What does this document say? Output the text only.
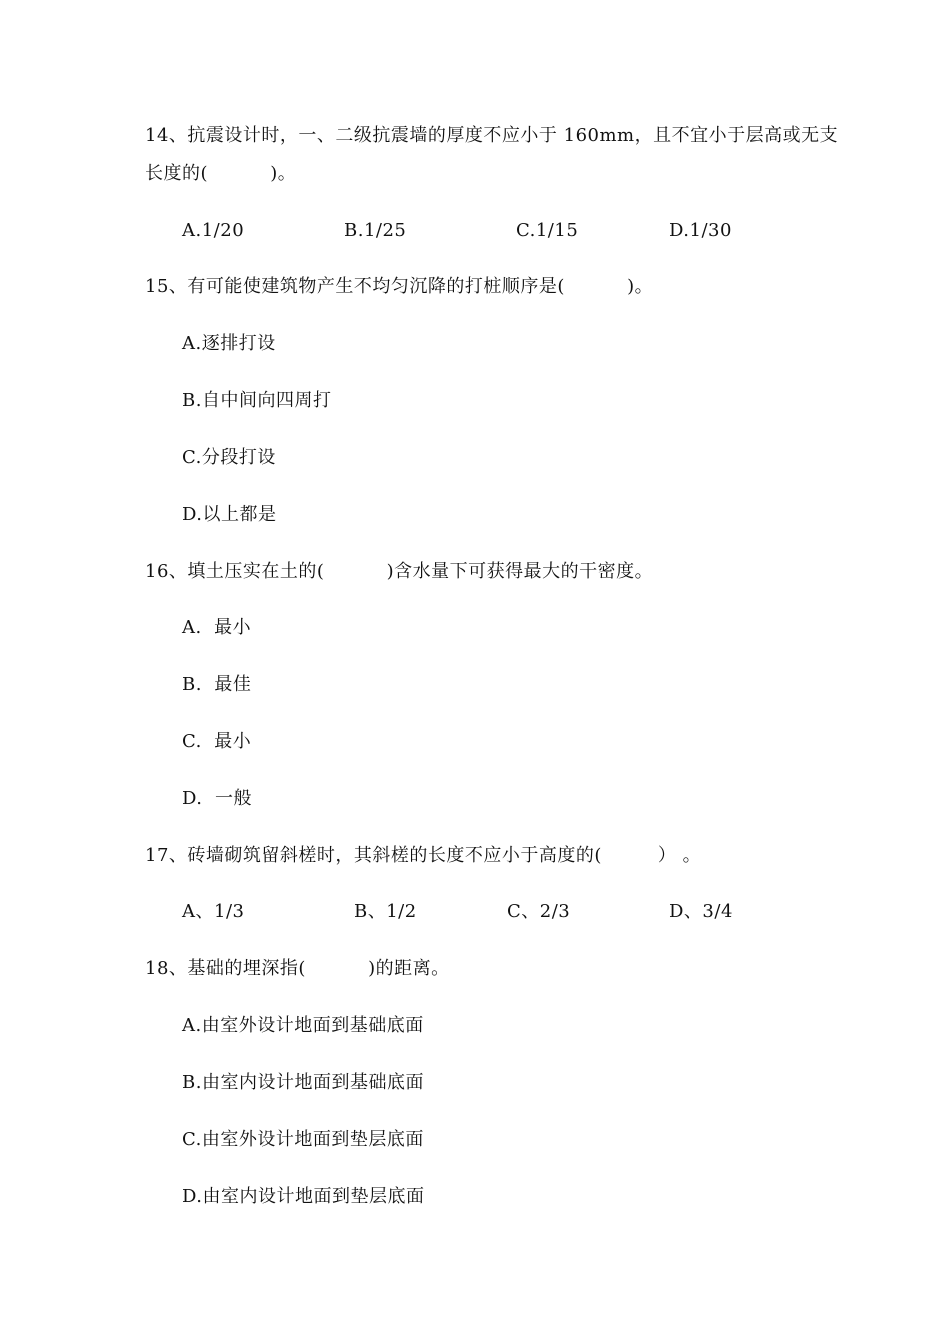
14、抗震设计时，一、二级抗震墙的厚度不应小于 160mm，且不宜小于层高或无支
长度的(          )。
A.1/20	B.1/25	C.1/15	D.1/30
15、有可能使建筑物产生不均匀沉降的打桩顺序是(          )。
A.逐排打设
B.自中间向四周打
C.分段打设
D.以上都是
16、填土压实在土的(          )含水量下可获得最大的干密度。
A.  最小
B.  最佳
C.  最小
D.  一般
17、砖墙砌筑留斜槎时，其斜槎的长度不应小于高度的(         ） 。
A、1/3	B、1/2	C、2/3	D、3/4
18、基础的埋深指(          )的距离。
A.由室外设计地面到基础底面
B.由室内设计地面到基础底面
C.由室外设计地面到垫层底面
D.由室内设计地面到垫层底面
